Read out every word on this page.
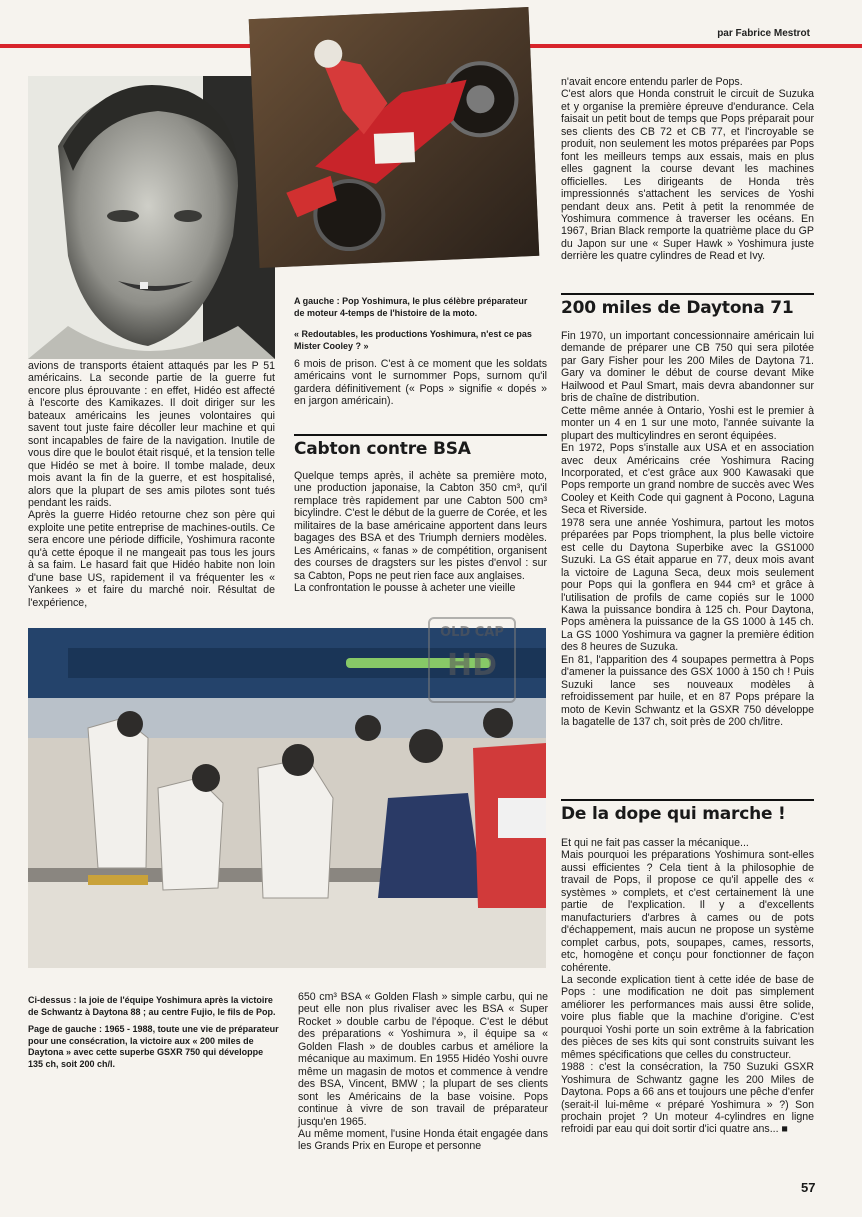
par Fabrice Mestrot

A gauche : Pop Yoshimura, le plus célèbre préparateur de moteur 4-temps de l'histoire de la moto.

« Redoutables, les productions Yoshimura, n'est ce pas Mister Cooley ? »

avions de transports étaient attaqués par les P 51 américains. La seconde partie de la guerre fut encore plus éprouvante : en effet, Hidéo est affecté à l'escorte des Kamikazes. Il doit diriger sur les bateaux américains les jeunes volontaires qui savent tout juste faire décoller leur machine et qui sont incapables de faire de la navigation. Inutile de vous dire que le boulot était risqué, et la tension telle que Hidéo se met à boire. Il tombe malade, deux mois avant la fin de la guerre, et est hospitalisé, alors que la plupart de ses amis pilotes sont tués pendant les raids.

Après la guerre Hidéo retourne chez son père qui exploite une petite entreprise de machines-outils. Ce sera encore une période difficile, Yoshimura raconte qu'à cette époque il ne mangeait pas tous les jours à sa faim. Le hasard fait que Hidéo habite non loin d'une base US, rapidement il va fréquenter les « Yankees » et faire du marché noir. Résultat de l'expérience,

6 mois de prison. C'est à ce moment que les soldats américains vont le surnommer Pops, surnom qu'il gardera définitivement (« Pops » signifie « dopés » en jargon américain).

Cabton contre BSA

Quelque temps après, il achète sa première moto, une production japonaise, la Cabton 350 cm³, qu'il remplace très rapidement par une Cabton 500 cm³ bicylindre. C'est le début de la guerre de Corée, et les militaires de la base américaine apportent dans leurs bagages des BSA et des Triumph derniers modèles. Les Américains, « fanas » de compétition, organisent des courses de dragsters sur les pistes d'envol : sur sa Cabton, Pops ne peut rien face aux anglaises.

La confrontation le pousse à acheter une vieille

n'avait encore entendu parler de Pops.

C'est alors que Honda construit le circuit de Suzuka et y organise la première épreuve d'endurance. Cela faisait un petit bout de temps que Pops préparait pour ses clients des CB 72 et CB 77, et l'incroyable se produit, non seulement les motos préparées par Pops font les meilleurs temps aux essais, mais en plus elles gagnent la course devant les machines officielles. Les dirigeants de Honda très impressionnés s'attachent les services de Yoshi pendant deux ans. Petit à petit la renommée de Yoshimura commence à traverser les océans. En 1967, Brian Black remporte la quatrième place du GP du Japon sur une « Super Hawk » Yoshimura juste derrière les quatre cylindres de Read et Ivy.

200 miles de Daytona 71

Fin 1970, un important concessionnaire américain lui demande de préparer une CB 750 qui sera pilotée par Gary Fisher pour les 200 Miles de Daytona 71. Gary va dominer le début de course devant Mike Hailwood et Paul Smart, mais devra abandonner sur bris de chaîne de distribution.

Cette même année à Ontario, Yoshi est le premier à monter un 4 en 1 sur une moto, l'année suivante la plupart des multicylindres en seront équipées.

En 1972, Pops s'installe aux USA et en association avec deux Américains crée Yoshimura Racing Incorporated, et c'est grâce aux 900 Kawasaki que Pops remporte un grand nombre de succès avec Wes Cooley et Keith Code qui gagnent à Pocono, Laguna Seca et Riverside.

1978 sera une année Yoshimura, partout les motos préparées par Pops triomphent, la plus belle victoire est celle du Daytona Superbike avec la GS1000 Suzuki. La GS était apparue en 77, deux mois avant la victoire de Laguna Seca, deux mois seulement pour Pops qui la gonflera en 944 cm³ et grâce à l'utilisation de profils de came copiés sur le 1000 Kawa la puissance bondira à 125 ch. Pour Daytona, Pops amènera la puissance de la GS 1000 à 145 ch. La GS 1000 Yoshimura va gagner la première édition des 8 heures de Suzuka.

En 81, l'apparition des 4 soupapes permettra à Pops d'amener la puissance des GSX 1000 à 150 ch ! Puis Suzuki lance ses nouveaux modèles à refroidissement par huile, et en 87 Pops prépare la moto de Kevin Schwantz et la GSXR 750 développe la bagatelle de 137 ch, soit près de 200 ch/litre.

OLD CAP
HD

Ci-dessus : la joie de l'équipe Yoshimura après la victoire de Schwantz à Daytona 88 ; au centre Fujio, le fils de Pop.

Page de gauche : 1965 - 1988, toute une vie de préparateur pour une consécration, la victoire aux « 200 miles de Daytona » avec cette superbe GSXR 750 qui développe 135 ch, soit 200 ch/l.

650 cm³ BSA « Golden Flash » simple carbu, qui ne peut elle non plus rivaliser avec les BSA « Super Rocket » double carbu de l'époque. C'est le début des préparations « Yoshimura », il équipe sa « Golden Flash » de doubles carbus et améliore la mécanique au maximum. En 1955 Hidéo Yoshi ouvre même un magasin de motos et commence à vendre des BSA, Vincent, BMW ; la plupart de ses clients sont les Américains de la base voisine. Pops continue à vivre de son travail de préparateur jusqu'en 1965.

Au même moment, l'usine Honda était engagée dans les Grands Prix en Europe et personne

De la dope qui marche !

Et qui ne fait pas casser la mécanique...

Mais pourquoi les préparations Yoshimura sont-elles aussi efficientes ? Cela tient à la philosophie de travail de Pops, il propose ce qu'il appelle des « systèmes » complets, et c'est certainement là une partie de l'explication. Il y a d'excellents manufacturiers d'arbres à cames ou de pots d'échappement, mais aucun ne propose un système complet carbus, pots, soupapes, cames, ressorts, etc, homogène et conçu pour fonctionner de façon cohérente.

La seconde explication tient à cette idée de base de Pops : une modification ne doit pas simplement améliorer les performances mais aussi être solide, voire plus fiable que la machine d'origine. C'est pourquoi Yoshi porte un soin extrême à la fabrication des pièces de ses kits qui sont construits suivant les mêmes spécifications que celles du constructeur.

1988 : c'est la consécration, la 750 Suzuki GSXR Yoshimura de Schwantz gagne les 200 Miles de Daytona. Pops a 66 ans et toujours une pêche d'enfer (serait-il lui-même « préparé Yoshimura » ?) Son prochain projet ? Un moteur 4-cylindres en ligne refroidi par eau qui doit sortir d'ici quatre ans... ■

57
